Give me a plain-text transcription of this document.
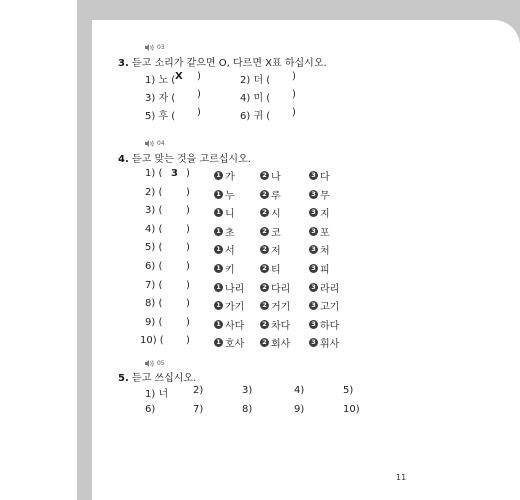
03
3. 듣고 소리가 같으면 O, 다르면 X표 하십시오.
1) 노 ( X )	2) 더 ( )
3) 자 ( )	4) 미 ( )
5) 후 ( )	6) 귀 ( )
04
4. 듣고 맞는 것을 고르십시오.
1) ( 3 )	1 가	2 나	3 다
2) ( )	1 누	2 루	3 무
3) ( )	1 니	2 시	3 지
4) ( )	1 초	2 코	3 포
5) ( )	1 서	2 저	3 처
6) ( )	1 키	2 티	3 피
7) ( )	1 나리	2 다리	3 라리
8) ( )	1 가기	2 거기	3 고기
9) ( )	1 사다	2 차다	3 하다
10) ( )	1 호사	2 회사	3 휘사
05
5. 듣고 쓰십시오.
1) 너 2)	3)	4)	5)
6)	7)	8)	9)	10)
11
